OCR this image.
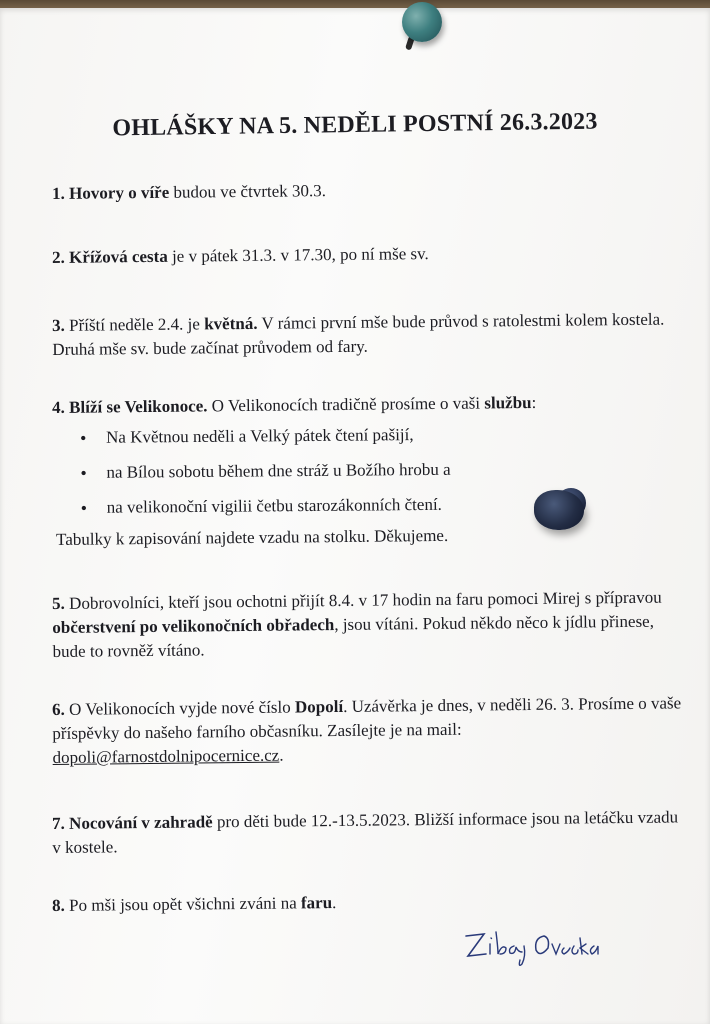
OHLÁŠKY NA 5. NEDĚLI POSTNÍ 26.3.2023

1. Hovory o víře budou ve čtvrtek 30.3.

2. Křížová cesta je v pátek 31.3. v 17.30, po ní mše sv.

3. Příští neděle 2.4. je květná. V rámci první mše bude průvod s ratolestmi kolem kostela. Druhá mše sv. bude začínat průvodem od fary.

4. Blíží se Velikonoce. O Velikonocích tradičně prosíme o vaši službu:

• Na Květnou neděli a Velký pátek čtení pašijí,
• na Bílou sobotu během dne stráž u Božího hrobu a
• na velikonoční vigilii četbu starozákonních čtení.

Tabulky k zapisování najdete vzadu na stolku. Děkujeme.

5. Dobrovolníci, kteří jsou ochotni přijít 8.4. v 17 hodin na faru pomoci Mirej s přípravou občerstvení po velikonočních obřadech, jsou vítáni. Pokud někdo něco k jídlu přinese, bude to rovněž vítáno.

6. O Velikonocích vyjde nové číslo Dopolí. Uzávěrka je dnes, v neděli 26. 3. Prosíme o vaše příspěvky do našeho farního občasníku. Zasílejte je na mail: dopoli@farnostdolnipocernice.cz.

7. Nocování v zahradě pro děti bude 12.-13.5.2023. Bližší informace jsou na letáčku vzadu v kostele.

8. Po mši jsou opět všichni zváni na faru.
